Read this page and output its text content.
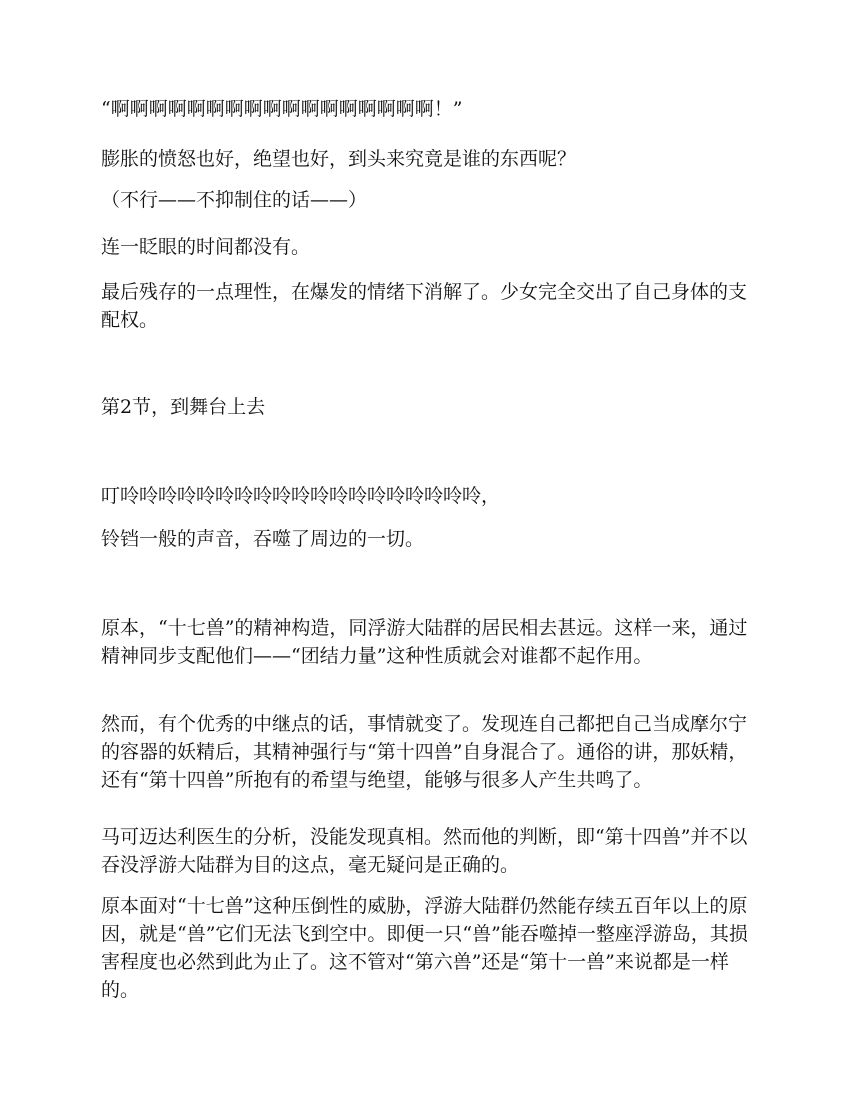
“啊啊啊啊啊啊啊啊啊啊啊啊啊啊啊啊啊！”

膨胀的愤怒也好，绝望也好，到头来究竟是谁的东西呢？

（不行——不抑制住的话——）

连一眨眼的时间都没有。

最后残存的一点理性，在爆发的情绪下消解了。少女完全交出了自己身体的支配权。

第2节，到舞台上去

叮呤呤呤呤呤呤呤呤呤呤呤呤呤呤呤呤呤呤呤，

铃铛一般的声音，吞噬了周边的一切。

原本，“十七兽”的精神构造，同浮游大陆群的居民相去甚远。这样一来，通过精神同步支配他们——“团结力量”这种性质就会对谁都不起作用。

然而，有个优秀的中继点的话，事情就变了。发现连自己都把自己当成摩尔宁的容器的妖精后，其精神强行与“第十四兽”自身混合了。通俗的讲，那妖精，还有“第十四兽”所抱有的希望与绝望，能够与很多人产生共鸣了。

马可迈达利医生的分析，没能发现真相。然而他的判断，即“第十四兽”并不以吞没浮游大陆群为目的这点，毫无疑问是正确的。

原本面对“十七兽”这种压倒性的威胁，浮游大陆群仍然能存续五百年以上的原因，就是“兽”它们无法飞到空中。即便一只“兽”能吞噬掉一整座浮游岛，其损害程度也必然到此为止了。这不管对“第六兽”还是“第十一兽”来说都是一样的。
